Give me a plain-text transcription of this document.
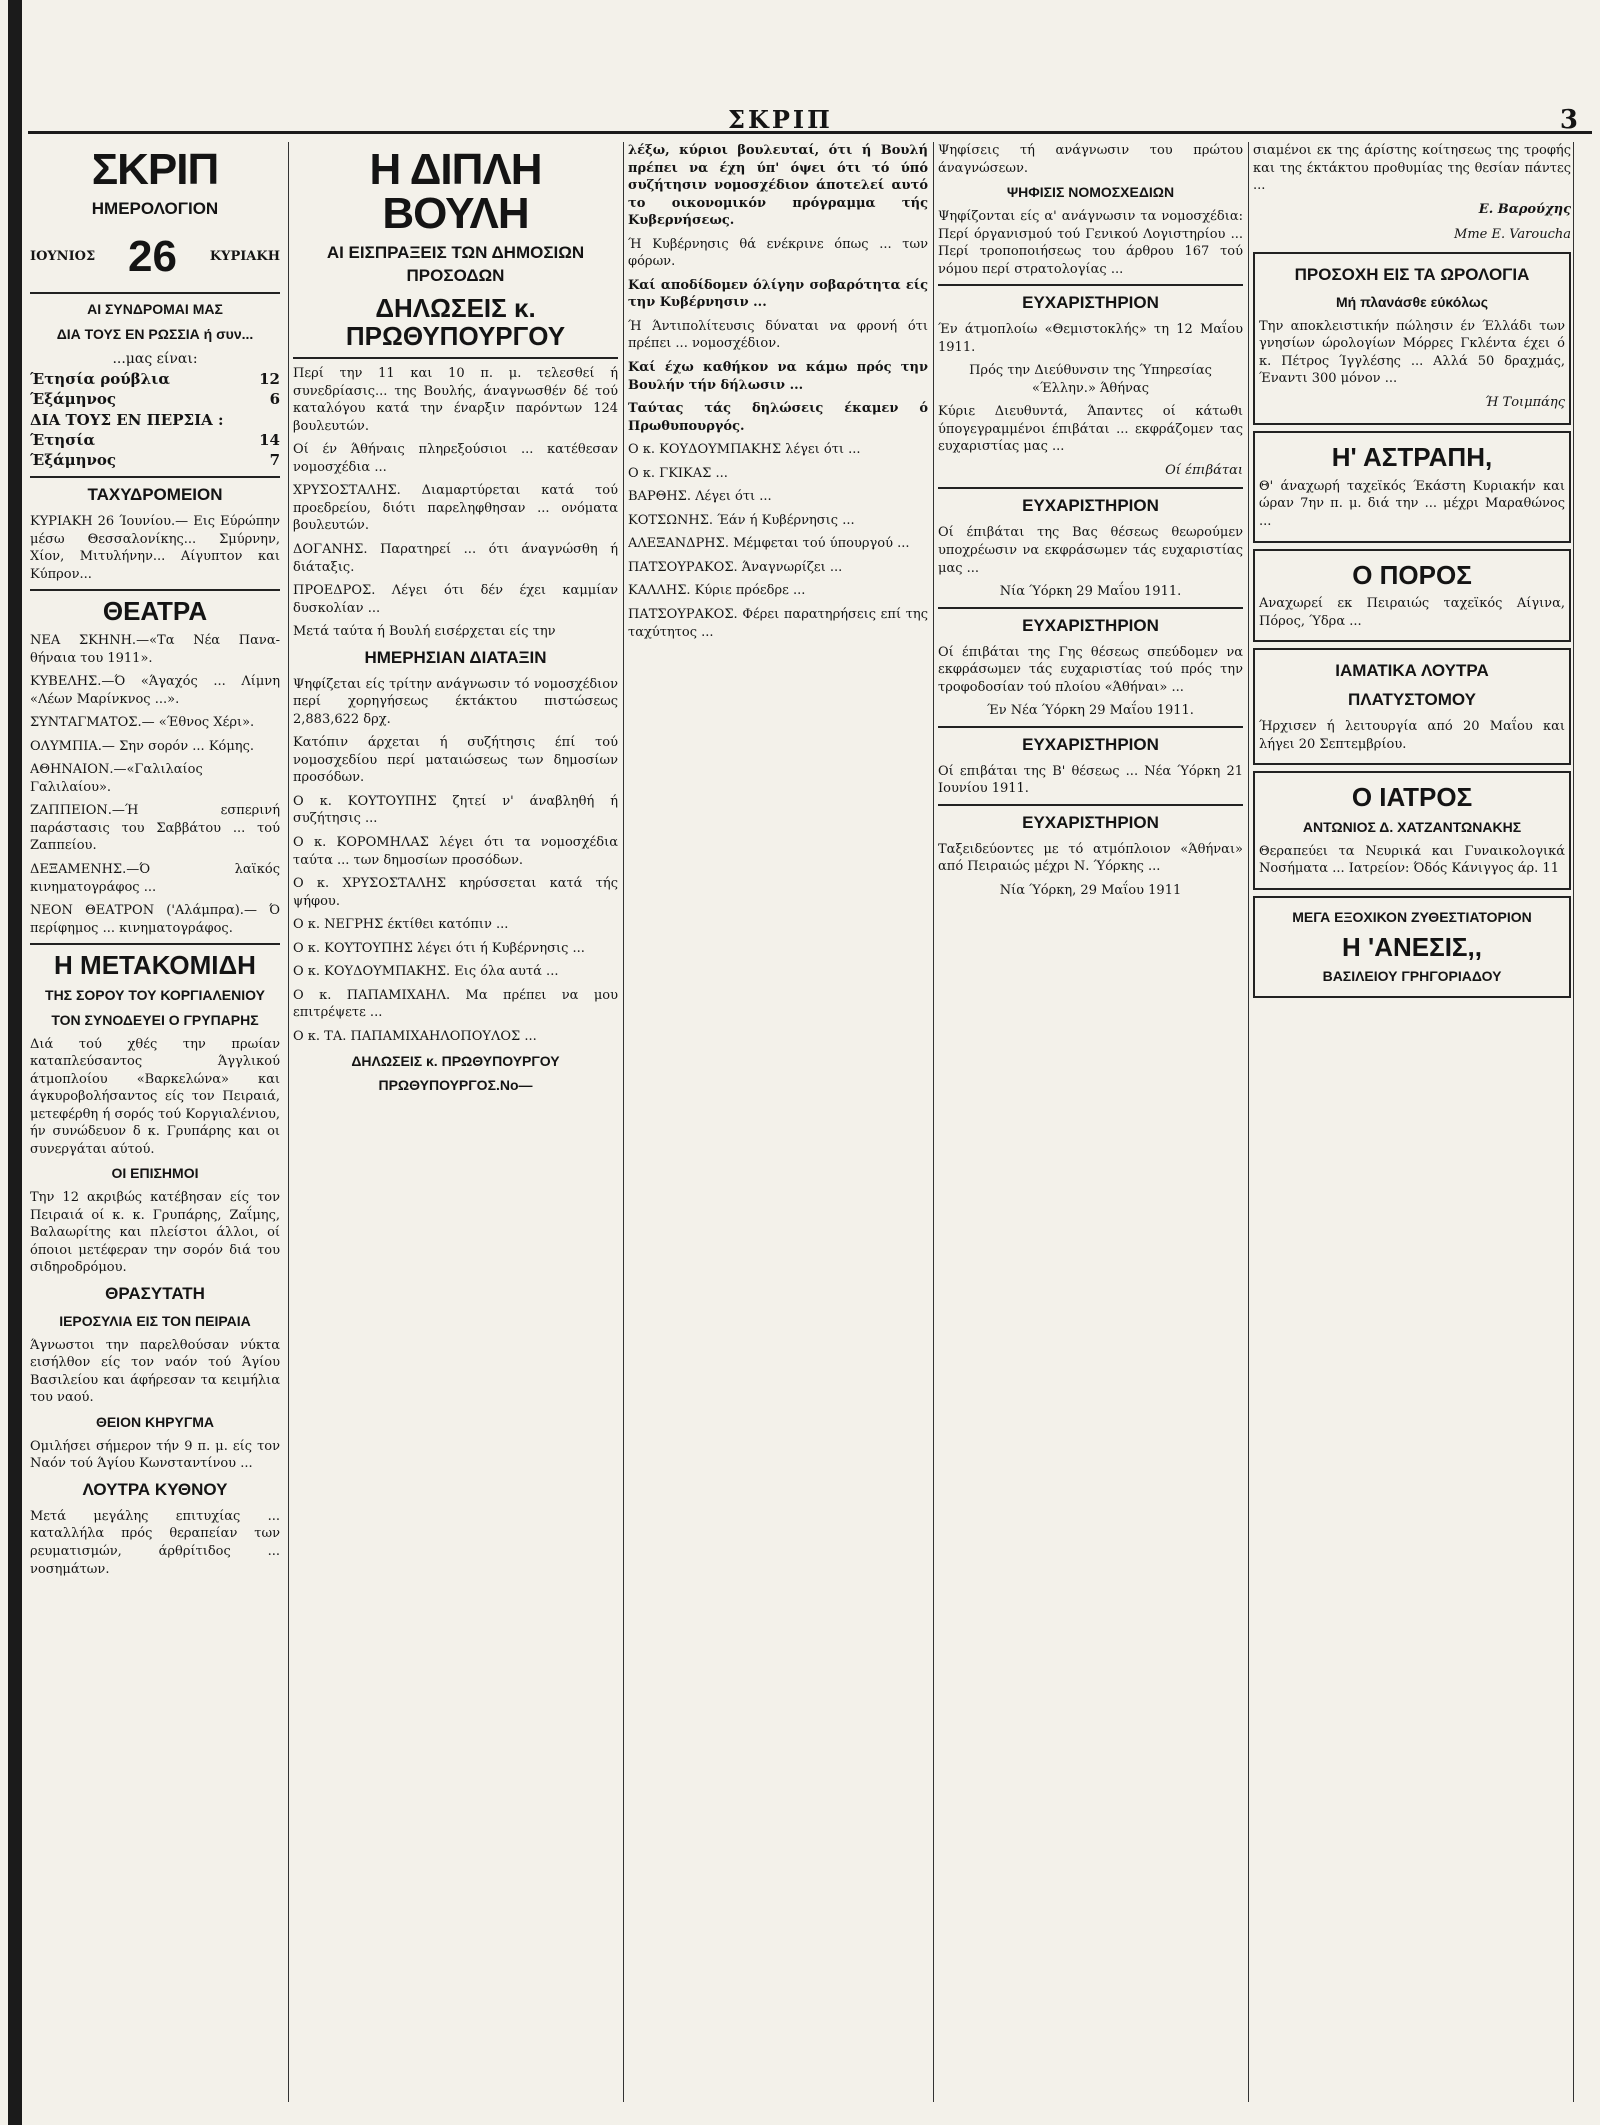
ΣΚΡΙΠ	3
ΣΚΡΙΠ
ΗΜΕΡΟΛΟΓΙΟΝ
ΙΟΥΝΙΟΣ 26	ΚΥΡΙΑΚΗ
ΑΙ ΣΥΝΔΡΟΜΑΙ ΜΑΣ
ΔΙΑ ΤΟΥΣ ΕΝ ΡΩΣΣΙΑ ή συν...
...μας είναι:
Έτησία ρούβλια	12
Έξάμηνος	6
ΔΙΑ ΤΟΥΣ ΕΝ ΠΕΡΣΙΑ :
Έτησία	14
Έξάμηνος	7
ΤΑΧΥΔΡΟΜΕΙΟΝ

ΚΥΡΙΑΚΗ 26 Ίουνίου.— Εις Εύρώπην μέσω Θεσσαλονίκης... Σμύρνην, Χίον, Μιτυλήνην... Αίγυπτον και Κύπρον...

ΘΕΑΤΡΑ

ΝΕΑ ΣΚΗΝΗ.—«Τα Νέα Πανα-θήναια του 1911».

ΚΥΒΕΛΗΣ.—Ό «Άγαχός ... Λίμνη «Λέων Μαρίνκνος ...».

ΣΥΝΤΑΓΜΑΤΟΣ.— «Έθνος Χέρι».

ΟΛΥΜΠΙΑ.— Σην σορόν ... Κόμης.

ΑΘΗΝΑΙΟΝ.—«Γαλιλαίος Γαλιλαίου».

ΖΑΠΠΕΙΟΝ.—Ή εσπερινή παράστασις του Σαββάτου ... τού Ζαππείου.

ΔΕΞΑΜΕΝΗΣ.—Ό λαϊκός κινηματογράφος ...

ΝΕΟΝ ΘΕΑΤΡΟΝ ('Αλάμπρα).— Ό περίφημος ... κινηματογράφος.

Η ΜΕΤΑΚΟΜΙΔΗ
ΤΗΣ ΣΟΡΟΥ ΤΟΥ ΚΟΡΓΙΑΛΕΝΙΟΥ
ΤΟΝ ΣΥΝΟΔΕΥΕΙ Ο ΓΡΥΠΑΡΗΣ

Διά τού χθές την πρωίαν καταπλεύσαντος Άγγλικού άτμοπλοίου «Βαρκελώνα» και άγκυροβολήσαντος είς τον Πειραιά, μετεφέρθη ή σορός τού Κοργιαλένιου, ήν συνώδευον δ κ. Γρυπάρης και οι συνεργάται αύτού.

ΟΙ ΕΠΙΣΗΜΟΙ

Την 12 ακριβώς κατέβησαν είς τον Πειραιά οί κ. κ. Γρυπάρης, Ζαΐμης, Βαλαωρίτης και πλείστοι άλλοι, οί όποιοι μετέφεραν την σορόν διά του σιδηροδρόμου.

ΘΡΑΣΥΤΑΤΗ
ΙΕΡΟΣΥΛΙΑ ΕΙΣ ΤΟΝ ΠΕΙΡΑΙΑ

Άγνωστοι την παρελθούσαν νύκτα εισήλθον είς τον ναόν τού Άγίου Βασιλείου και άφήρεσαν τα κειμήλια του ναού.

ΘΕΙΟΝ ΚΗΡΥΓΜΑ

Ομιλήσει σήμερον τήν 9 π. μ. είς τον Ναόν τού Άγίου Κωνσταντίνου ...

ΛΟΥΤΡΑ ΚΥΘΝΟΥ

Μετά μεγάλης επιτυχίας ... καταλλήλα πρός θεραπείαν των ρευματισμών, άρθρίτιδος ... νοσημάτων.

Η ΔΙΠΛΗ ΒΟΥΛΗ
ΑΙ ΕΙΣΠΡΑΞΕΙΣ ΤΩΝ ΔΗΜΟΣΙΩΝ ΠΡΟΣΟΔΩΝ
ΔΗΛΩΣΕΙΣ κ. ΠΡΩΘΥΠΟΥΡΓΟΥ

Περί την 11 και 10 π. μ. τελεσθεί ή συνεδρίασις... της Βουλής, άναγνωσθέν δέ τού καταλόγου κατά την έναρξιν παρόντων 124 βουλευτών.

Οί έν Άθήναις πληρεξούσιοι ... κατέθεσαν νομοσχέδια ...

ΧΡΥΣΟΣΤΑΛΗΣ. Διαμαρτύρεται κατά τού προεδρείου, διότι παρεληφθησαν ... ονόματα βουλευτών.

ΔΟΓΑΝΗΣ. Παρατηρεί ... ότι άναγνώσθη ή διάταξις.

ΠΡΟΕΔΡΟΣ. Λέγει ότι δέν έχει καμμίαν δυσκολίαν ...

Μετά ταύτα ή Βουλή εισέρχεται είς την

ΗΜΕΡΗΣΙΑΝ ΔΙΑΤΑΞΙΝ

Ψηφίζεται είς τρίτην ανάγνωσιν τό νομοσχέδιον περί χορηγήσεως έκτάκτου πιστώσεως 2,883,622 δρχ.

Κατόπιν άρχεται ή συζήτησις έπί τού νομοσχεδίου περί ματαιώσεως των δημοσίων προσόδων.

Ο κ. ΚΟΥΤΟΥΠΗΣ ζητεί ν' άναβληθή ή συζήτησις ...

Ο κ. ΚΟΡΟΜΗΛΑΣ λέγει ότι τα νομοσχέδια ταύτα ... των δημοσίων προσόδων.

Ο κ. ΧΡΥΣΟΣΤΑΛΗΣ κηρύσσεται κατά τής ψήφου.

Ο κ. ΝΕΓΡΗΣ έκτίθει κατόπιν ...

Ο κ. ΚΟΥΤΟΥΠΗΣ λέγει ότι ή Κυβέρνησις ...

Ο κ. ΚΟΥΔΟΥΜΠΑΚΗΣ. Εις όλα αυτά ...

Ο κ. ΠΑΠΑΜΙΧΑΗΛ. Μα πρέπει να μου επιτρέψετε ...

Ο κ. ΤΑ. ΠΑΠΑΜΙΧΑΗΛΟΠΟΥΛΟΣ ...

ΔΗΛΩΣΕΙΣ κ. ΠΡΩΘΥΠΟΥΡΓΟΥ
ΠΡΩΘΥΠΟΥΡΓΟΣ.Νο—

λέξω, κύριοι βουλευταί, ότι ή Βουλή πρέπει να έχη ύπ' όψει ότι τό ύπό συζήτησιν νομοσχέδιον άποτελεί αυτό το οικονομικόν πρόγραμμα τής Κυβερνήσεως.

Ή Κυβέρνησις θά ενέκρινε όπως ... των φόρων.

Καί αποδίδομεν όλίγην σοβαρότητα είς την Κυβέρνησιν ...

Ή Άντιπολίτευσις δύναται να φρονή ότι πρέπει ... νομοσχέδιον.

Καί έχω καθήκον να κάμω πρός την Βουλήν τήν δήλωσιν ...

Ταύτας τάς δηλώσεις έκαμεν ό Πρωθυπουργός.

Ο κ. ΚΟΥΔΟΥΜΠΑΚΗΣ λέγει ότι ...

Ο κ. ΓΚΙΚΑΣ ...

ΒΑΡΘΗΣ. Λέγει ότι ...

ΚΟΤΣΩΝΗΣ. Έάν ή Κυβέρνησις ...

ΑΛΕΞΑΝΔΡΗΣ. Μέμφεται τού ύπουργού ...

ΠΑΤΣΟΥΡΑΚΟΣ. Άναγνωρίζει ...

ΚΑΛΛΗΣ. Κύριε πρόεδρε ...

ΠΑΤΣΟΥΡΑΚΟΣ. Φέρει παρατηρήσεις επί της ταχύτητος ...

Ψηφίσεις τή ανάγνωσιν του πρώτου άναγνώσεων.

ΨΗΦΙΣΙΣ ΝΟΜΟΣΧΕΔΙΩΝ

Ψηφίζονται είς α' ανάγνωσιν τα νομοσχέδια: Περί όργανισμού τού Γενικού Λογιστηρίου ... Περί τροποποιήσεως του άρθρου 167 τού νόμου περί στρατολογίας ...

ΕΥΧΑΡΙΣΤΗΡΙΟΝ

Έν άτμοπλοίω «Θεμιστοκλής» τη 12 Μαΐου 1911.

Πρός την Διεύθυνσιν της Ύπηρεσίας «Έλλην.» Άθήνας

Κύριε Διευθυντά, Άπαντες οί κάτωθι ύπογεγραμμένοι έπιβάται ... εκφράζομεν τας ευχαριστίας μας ...

Οί έπιβάται
ΕΥΧΑΡΙΣΤΗΡΙΟΝ

Οί έπιβάται της Βας θέσεως θεωρούμεν υποχρέωσιν να εκφράσωμεν τάς ευχαριστίας μας ...

Νία Ύόρκη 29 Μαΐου 1911.

ΕΥΧΑΡΙΣΤΗΡΙΟΝ

Οί έπιβάται της Γης θέσεως σπεύδομεν να εκφράσωμεν τάς ευχαριστίας τού πρός την τροφοδοσίαν τού πλοίου «Άθήναι» ...

Έν Νέα Ύόρκη 29 Μαΐου 1911.

ΕΥΧΑΡΙΣΤΗΡΙΟΝ

Οί επιβάται της Β' θέσεως ... Νέα Ύόρκη 21 Ιουνίου 1911.

ΕΥΧΑΡΙΣΤΗΡΙΟΝ

Ταξειδεύοντες με τό ατμόπλοιον «Άθήναι» από Πειραιώς μέχρι Ν. Ύόρκης ...

Νία Ύόρκη, 29 Μαΐου 1911

σιαμένοι εκ της άρίστης κοίτησεως της τροφής και της έκτάκτου προθυμίας της θεσίαν πάντες ...

Ε. Βαρούχης
Mme E. Varoucha
ΠΡΟΣΟΧΗ ΕΙΣ ΤΑ ΩΡΟΛΟΓΙΑ
Μή πλανάσθε εύκόλως

Την αποκλειστικήν πώλησιν έν Έλλάδι των γνησίων ώρολογίων Μόρρες Γκλέντα έχει ό κ. Πέτρος Ίγγλέσης ... Αλλά 50 δραχμάς, Έναντι 300 μόνον ...

Ή Τοιμπάης
Η' ΑΣΤΡΑΠΗ,

Θ' άναχωρή ταχεϊκός Έκάστη Κυριακήν και ώραν 7ην π. μ. διά την ... μέχρι Μαραθώνος ...

Ο ΠΟΡΟΣ

Αναχωρεί εκ Πειραιώς ταχεϊκός Αίγινα, Πόρος, Ύδρα ...

ΙΑΜΑΤΙΚΑ ΛΟΥΤΡΑ
ΠΛΑΤΥΣΤΟΜΟΥ

Ήρχισεν ή λειτουργία από 20 Μαΐου και λήγει 20 Σεπτεμβρίου.

Ο ΙΑΤΡΟΣ
ΑΝΤΩΝΙΟΣ Δ. ΧΑΤΖΑΝΤΩΝΑΚΗΣ

Θεραπεύει τα Νευρικά και Γυναικολογικά Νοσήματα ... Ιατρείον: Όδός Κάνιγγος άρ. 11

ΜΕΓΑ ΕΞΟΧΙΚΟΝ ΖΥΘΕΣΤΙΑΤΟΡΙΟΝ
Η 'ΑΝΕΣΙΣ,,
ΒΑΣΙΛΕΙΟΥ ΓΡΗΓΟΡΙΑΔΟΥ
